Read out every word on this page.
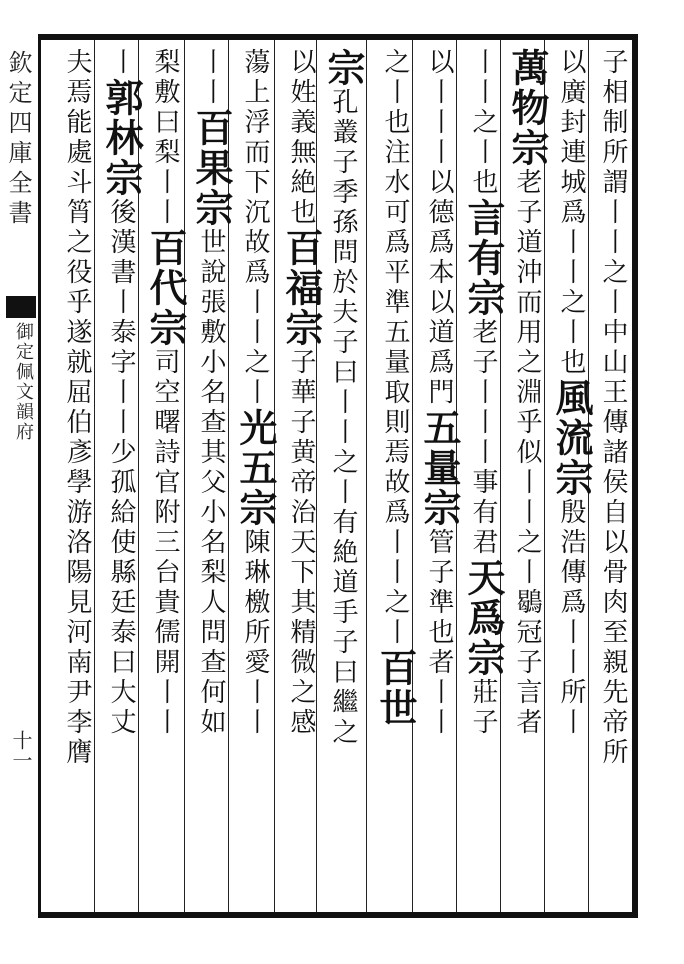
欽定四庫全書
御定佩文韻府
十一
子相制所謂丨丨之丨中山王傳諸侯自以骨肉至親先帝所
以廣封連城爲丨丨之丨也風流宗殷浩傳爲丨丨所丨
萬物宗老子道沖而用之淵乎似丨丨之丨鶡冠子言者
丨丨之丨也言有宗老子丨丨丨事有君天爲宗莊子
以丨丨丨以德爲本以道爲門五量宗管子準也者丨丨
之丨也注水可爲平準五量取則焉故爲丨丨之丨百世
宗孔叢子季孫問於夫子曰丨丨之丨有絶道手子曰繼之
以姓義無絶也百福宗子華子黄帝治天下其精微之感
蕩上浮而下沉故爲丨丨之丨光五宗陳琳檄所愛丨丨
丨丨百果宗世說張敷小名查其父小名梨人問查何如
梨敷曰梨丨丨百代宗司空曙詩官附三台貴儒開丨丨
丨郭林宗後漢書丨泰字丨丨少孤給使縣廷泰曰大丈
夫焉能處斗筲之役乎遂就屈伯彥學游洛陽見河南尹李膺
